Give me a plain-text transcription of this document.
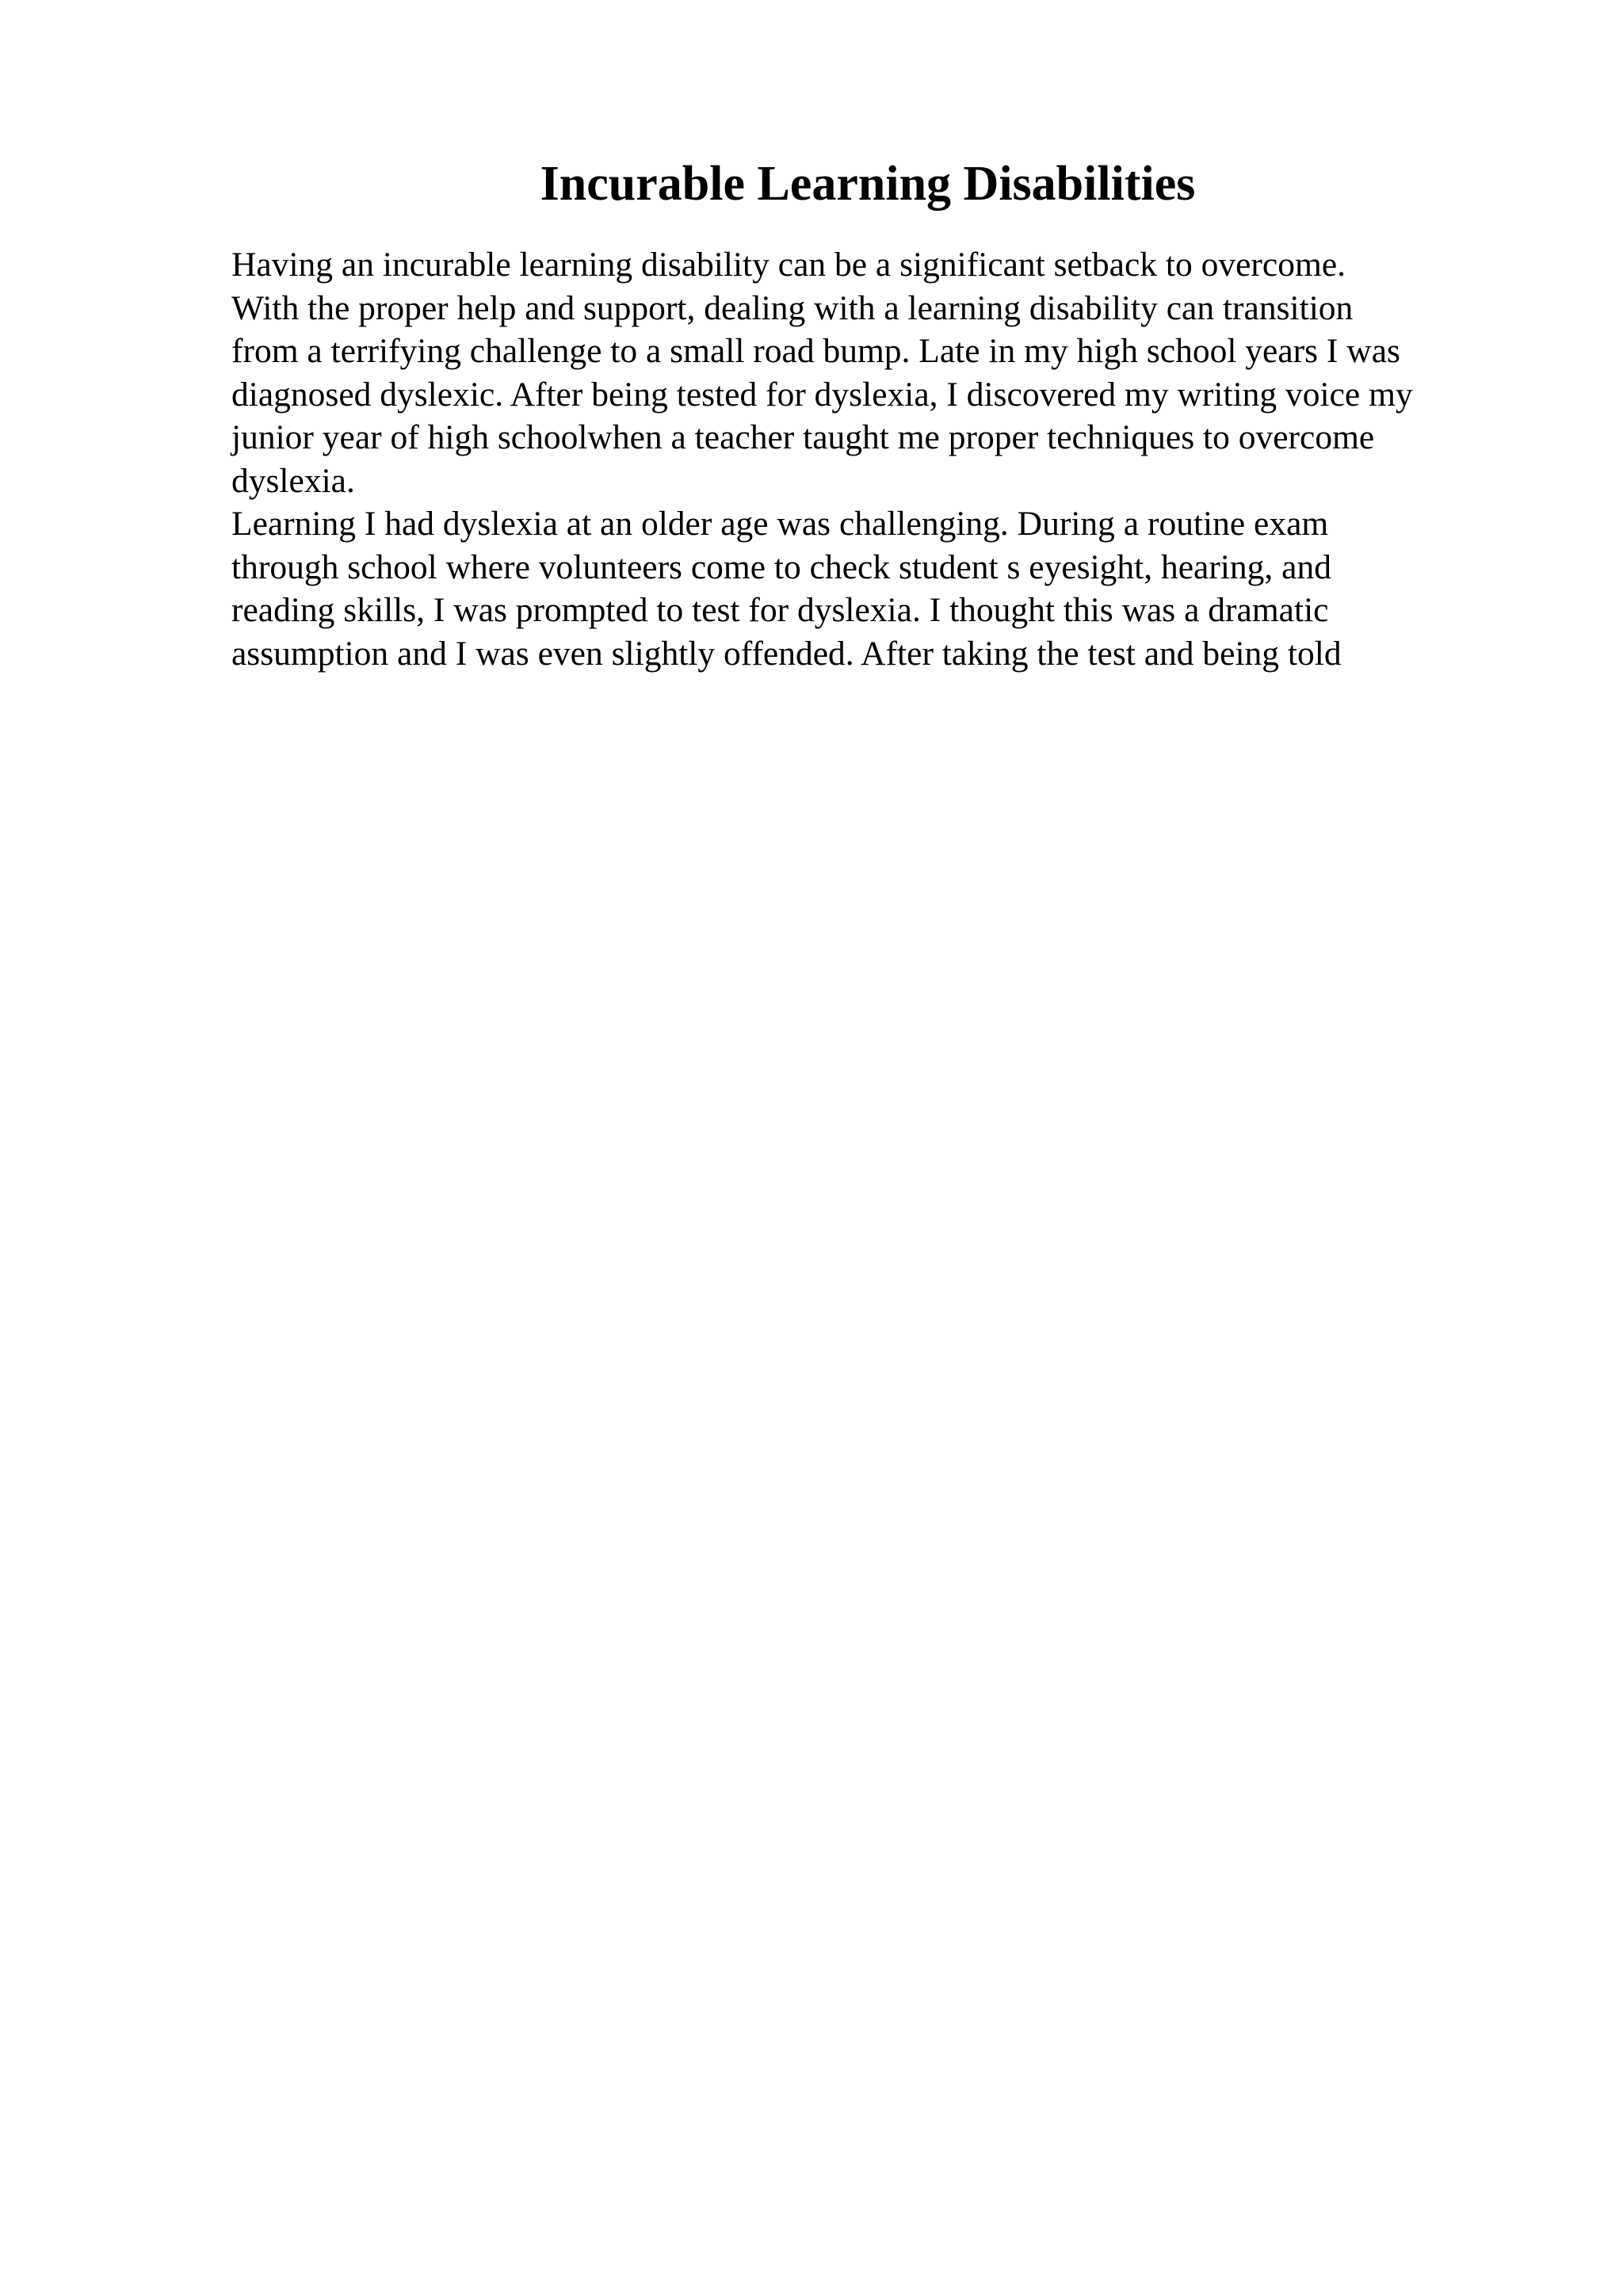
Incurable Learning Disabilities

Having an incurable learning disability can be a significant setback to overcome.
With the proper help and support, dealing with a learning disability can transition
from a terrifying challenge to a small road bump. Late in my high school years I was
diagnosed dyslexic. After being tested for dyslexia, I discovered my writing voice my
junior year of high schoolwhen a teacher taught me proper techniques to overcome
dyslexia.

Learning I had dyslexia at an older age was challenging. During a routine exam
through school where volunteers come to check student s eyesight, hearing, and
reading skills, I was prompted to test for dyslexia. I thought this was a dramatic
assumption and I was even slightly offended. After taking the test and being told
